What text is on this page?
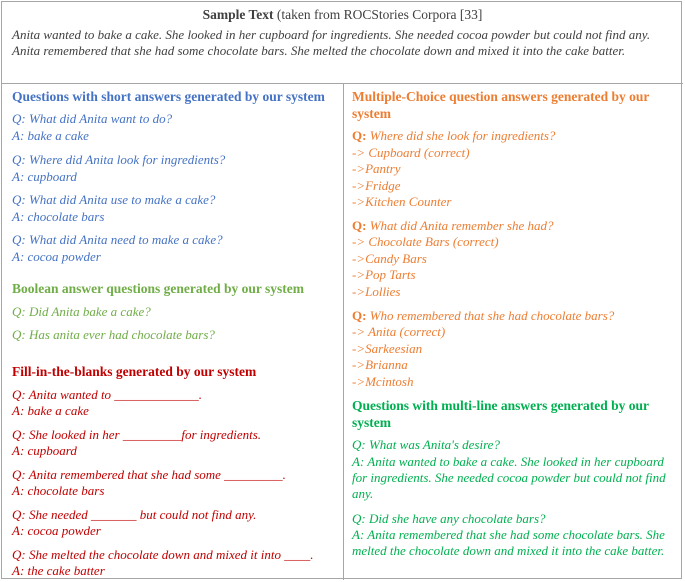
Sample Text (taken from ROCStories Corpora [33]
Anita wanted to bake a cake. She looked in her cupboard for ingredients. She needed cocoa powder but could not find any. Anita remembered that she had some chocolate bars. She melted the chocolate down and mixed it into the cake batter.
Questions with short answers generated by our system
Q: What did Anita want to do?
A: bake a cake
Q: Where did Anita look for ingredients?
A: cupboard
Q: What did Anita use to make a cake?
A: chocolate bars
Q: What did Anita need to make a cake?
A: cocoa powder
Boolean answer questions generated by our system
Q: Did Anita bake a cake?
Q: Has anita ever had chocolate bars?
Fill-in-the-blanks generated by our system
Q: Anita wanted to _____________.
A: bake a cake
Q: She looked in her _________for ingredients.
A: cupboard
Q: Anita remembered that she had some _________.
A: chocolate bars
Q: She needed _______ but could not find any.
A: cocoa powder
Q: She melted the chocolate down and mixed it into ____.
A: the cake batter
Multiple-Choice question answers generated by our system
Q: Where did she look for ingredients?
-> Cupboard (correct)
->Pantry
->Fridge
->Kitchen Counter
Q: What did Anita remember she had?
-> Chocolate Bars (correct)
->Candy Bars
->Pop Tarts
->Lollies
Q: Who remembered that she had chocolate bars?
-> Anita (correct)
->Sarkeesian
->Brianna
->Mcintosh
Questions with multi-line answers generated by our system
Q: What was Anita's desire?
A: Anita wanted to bake a cake. She looked in her cupboard for ingredients. She needed cocoa powder but could not find any.
Q: Did she have any chocolate bars?
A: Anita remembered that she had some chocolate bars. She melted the chocolate down and mixed it into the cake batter.
